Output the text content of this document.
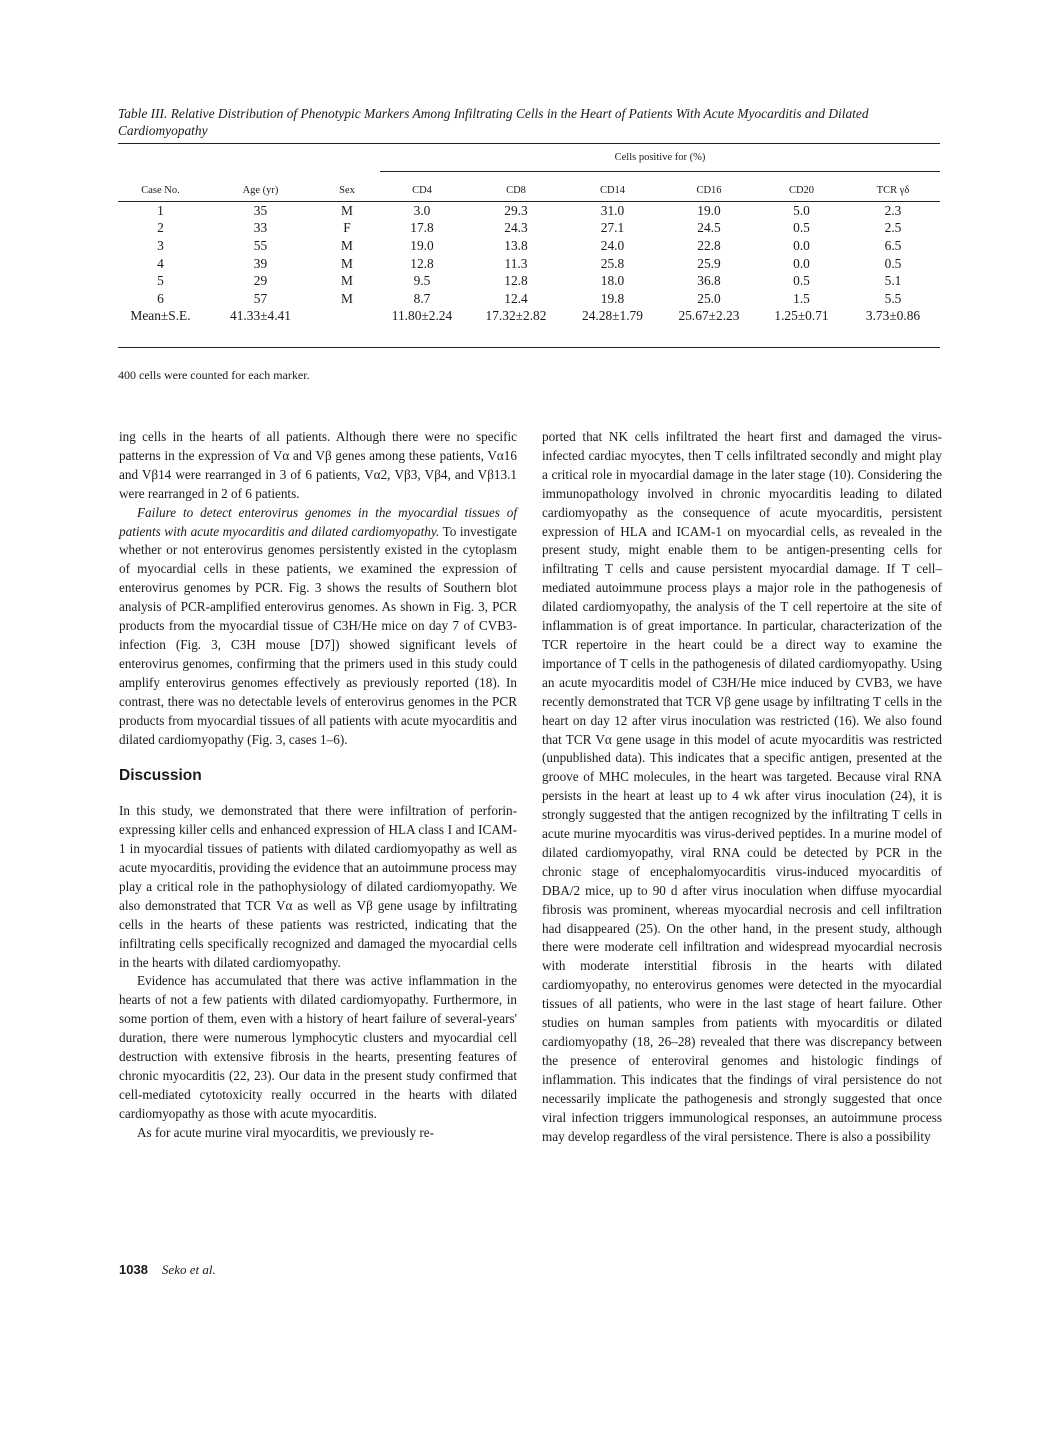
Table III. Relative Distribution of Phenotypic Markers Among Infiltrating Cells in the Heart of Patients With Acute Myocarditis and Dilated Cardiomyopathy
Cells positive for (%)
Case No.	Age (yr)	Sex	CD4	CD8	CD14	CD16	CD20	TCR γδ
1	35	M	3.0	29.3	31.0	19.0	5.0	2.3
2	33	F	17.8	24.3	27.1	24.5	0.5	2.5
3	55	M	19.0	13.8	24.0	22.8	0.0	6.5
4	39	M	12.8	11.3	25.8	25.9	0.0	0.5
5	29	M	9.5	12.8	18.0	36.8	0.5	5.1
6	57	M	8.7	12.4	19.8	25.0	1.5	5.5
Mean±S.E.	41.33±4.41		11.80±2.24	17.32±2.82	24.28±1.79	25.67±2.23	1.25±0.71	3.73±0.86
400 cells were counted for each marker.

ing cells in the hearts of all patients. Although there were no specific patterns in the expression of Vα and Vβ genes among these patients, Vα16 and Vβ14 were rearranged in 3 of 6 patients, Vα2, Vβ3, Vβ4, and Vβ13.1 were rearranged in 2 of 6 patients.

Failure to detect enterovirus genomes in the myocardial tissues of patients with acute myocarditis and dilated cardiomyopathy. To investigate whether or not enterovirus genomes persistently existed in the cytoplasm of myocardial cells in these patients, we examined the expression of enterovirus genomes by PCR. Fig. 3 shows the results of Southern blot analysis of PCR-amplified enterovirus genomes. As shown in Fig. 3, PCR products from the myocardial tissue of C3H/He mice on day 7 of CVB3-infection (Fig. 3, C3H mouse [D7]) showed significant levels of enterovirus genomes, confirming that the primers used in this study could amplify enterovirus genomes effectively as previously reported (18). In contrast, there was no detectable levels of enterovirus genomes in the PCR products from myocardial tissues of all patients with acute myocarditis and dilated cardiomyopathy (Fig. 3, cases 1–6).

Discussion

In this study, we demonstrated that there were infiltration of perforin-expressing killer cells and enhanced expression of HLA class I and ICAM-1 in myocardial tissues of patients with dilated cardiomyopathy as well as acute myocarditis, providing the evidence that an autoimmune process may play a critical role in the pathophysiology of dilated cardiomyopathy. We also demonstrated that TCR Vα as well as Vβ gene usage by infiltrating cells in the hearts of these patients was restricted, indicating that the infiltrating cells specifically recognized and damaged the myocardial cells in the hearts with dilated cardiomyopathy.

Evidence has accumulated that there was active inflammation in the hearts of not a few patients with dilated cardiomyopathy. Furthermore, in some portion of them, even with a history of heart failure of several-years' duration, there were numerous lymphocytic clusters and myocardial cell destruction with extensive fibrosis in the hearts, presenting features of chronic myocarditis (22, 23). Our data in the present study confirmed that cell-mediated cytotoxicity really occurred in the hearts with dilated cardiomyopathy as those with acute myocarditis.

As for acute murine viral myocarditis, we previously re-

ported that NK cells infiltrated the heart first and damaged the virus-infected cardiac myocytes, then T cells infiltrated secondly and might play a critical role in myocardial damage in the later stage (10). Considering the immunopathology involved in chronic myocarditis leading to dilated cardiomyopathy as the consequence of acute myocarditis, persistent expression of HLA and ICAM-1 on myocardial cells, as revealed in the present study, might enable them to be antigen-presenting cells for infiltrating T cells and cause persistent myocardial damage. If T cell–mediated autoimmune process plays a major role in the pathogenesis of dilated cardiomyopathy, the analysis of the T cell repertoire at the site of inflammation is of great importance. In particular, characterization of the TCR repertoire in the heart could be a direct way to examine the importance of T cells in the pathogenesis of dilated cardiomyopathy. Using an acute myocarditis model of C3H/He mice induced by CVB3, we have recently demonstrated that TCR Vβ gene usage by infiltrating T cells in the heart on day 12 after virus inoculation was restricted (16). We also found that TCR Vα gene usage in this model of acute myocarditis was restricted (unpublished data). This indicates that a specific antigen, presented at the groove of MHC molecules, in the heart was targeted. Because viral RNA persists in the heart at least up to 4 wk after virus inoculation (24), it is strongly suggested that the antigen recognized by the infiltrating T cells in acute murine myocarditis was virus-derived peptides. In a murine model of dilated cardiomyopathy, viral RNA could be detected by PCR in the chronic stage of encephalomyocarditis virus-induced myocarditis of DBA/2 mice, up to 90 d after virus inoculation when diffuse myocardial fibrosis was prominent, whereas myocardial necrosis and cell infiltration had disappeared (25). On the other hand, in the present study, although there were moderate cell infiltration and widespread myocardial necrosis with moderate interstitial fibrosis in the hearts with dilated cardiomyopathy, no enterovirus genomes were detected in the myocardial tissues of all patients, who were in the last stage of heart failure. Other studies on human samples from patients with myocarditis or dilated cardiomyopathy (18, 26–28) revealed that there was discrepancy between the presence of enteroviral genomes and histologic findings of inflammation. This indicates that the findings of viral persistence do not necessarily implicate the pathogenesis and strongly suggested that once viral infection triggers immunological responses, an autoimmune process may develop regardless of the viral persistence. There is also a possibility

1038 Seko et al.
